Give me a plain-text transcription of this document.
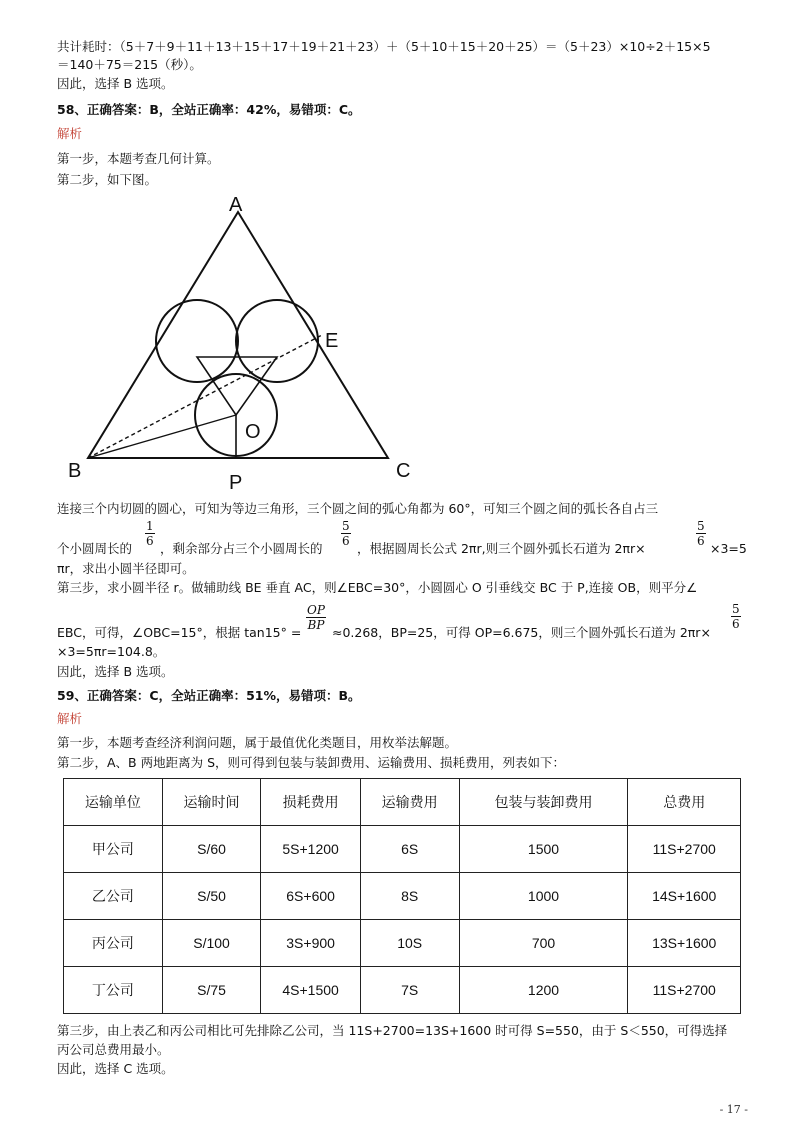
共计耗时：（5＋7＋9＋11＋13＋15＋17＋19＋21＋23）＋（5＋10＋15＋20＋25）＝（5＋23）×10÷2＋15×5
＝140＋75＝215（秒）。
因此，选择 B 选项。
58、正确答案：B，全站正确率：42%，易错项：C。
解析
第一步，本题考查几何计算。
第二步，如下图。
A
B	C
E
O
P
连接三个内切圆的圆心，可知为等边三角形，三个圆之间的弧心角都为 60°，可知三个圆之间的弧长各自占三
个小圆周长的
$\frac{1}{6}$
，剩余部分占三个小圆周长的
$\frac{5}{6}$
，根据圆周长公式 2πr,则三个圆外弧长石道为 2πr×
$\frac{5}{6}$
×3=5
πr，求出小圆半径即可。
第三步，求小圆半径 r。做辅助线 BE 垂直 AC，则∠EBC=30°，小圆圆心 O 引垂线交 BC 于 P,连接 OB，则平分∠
EBC，可得，∠OBC=15°，根据 tan15° =
$\frac{OP}{BP}$
≈0.268，BP=25，可得 OP=6.675，则三个圆外弧长石道为 2πr×
$\frac{5}{6}$
×3=5πr=104.8。
因此，选择 B 选项。
59、正确答案：C，全站正确率：51%，易错项：B。
解析
第一步，本题考查经济利润问题，属于最值优化类题目，用枚举法解题。
第二步，A、B 两地距离为 S，则可得到包装与装卸费用、运输费用、损耗费用，列表如下：
运输单位	运输时间	损耗费用	运输费用	包装与装卸费用	总费用
甲公司	S/60	5S+1200	6S	1500	11S+2700
乙公司	S/50	6S+600	8S	1000	14S+1600
丙公司	S/100	3S+900	10S	700	13S+1600
丁公司	S/75	4S+1500	7S	1200	11S+2700
第三步，由上表乙和丙公司相比可先排除乙公司，当 11S+2700=13S+1600 时可得 S=550，由于 S＜550，可得选择
丙公司总费用最小。
因此，选择 C 选项。
- 17 -
